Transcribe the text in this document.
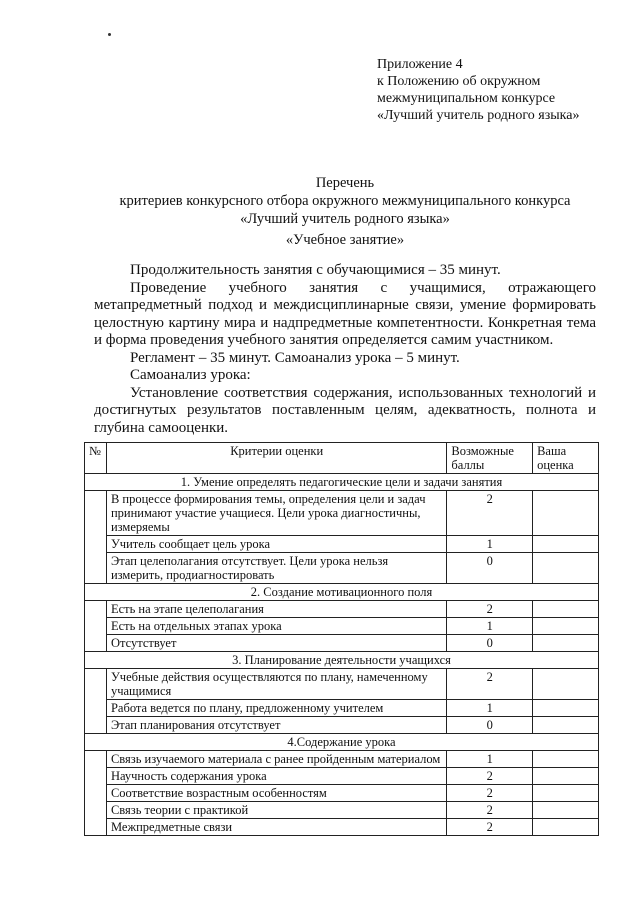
Приложение 4
к Положению об окружном
межмуниципальном конкурсе
«Лучший учитель родного языка»
Перечень
критериев конкурсного отбора окружного межмуниципального конкурса
«Лучший учитель родного языка»
«Учебное занятие»

Продолжительность занятия с обучающимися – 35 минут.

Проведение учебного занятия с учащимися, отражающего метапредметный подход и междисциплинарные связи, умение формировать целостную картину мира и надпредметные компетентности. Конкретная тема и форма проведения учебного занятия определяется самим участником.

Регламент – 35 минут. Самоанализ урока – 5 минут.

Самоанализ урока:

Установление соответствия содержания, использованных технологий и достигнутых результатов поставленным целям, адекватность, полнота и глубина самооценки.

№	Критерии оценки	Возможные баллы	Ваша оценка
1. Умение определять педагогические цели и задачи занятия			
	В процессе формирования темы, определения цели и задач принимают участие учащиеся. Цели урока диагностичны, измеряемы	2	
	Учитель сообщает цель урока	1	
	Этап целеполагания отсутствует. Цели урока нельзя измерить, продиагностировать	0	
2. Создание мотивационного поля			
	Есть на этапе целеполагания	2	
	Есть на отдельных этапах урока	1	
	Отсутствует	0	
3. Планирование деятельности учащихся			
	Учебные действия осуществляются по плану, намеченному учащимися	2	
	Работа ведется по плану, предложенному учителем	1	
	Этап планирования отсутствует	0	
4.Содержание урока			
	Связь изучаемого материала с ранее пройденным материалом	1	
	Научность содержания урока	2	
	Соответствие возрастным особенностям	2	
	Связь теории с практикой	2	
	Межпредметные связи	2	
